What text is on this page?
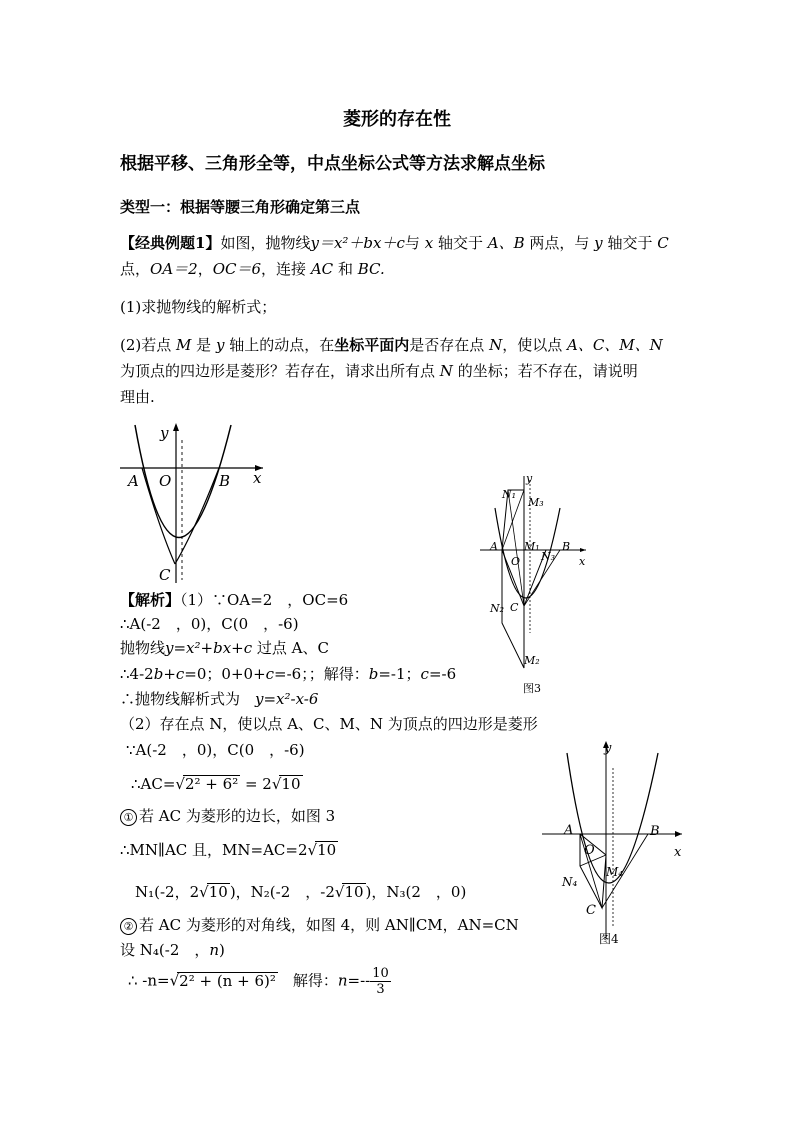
菱形的存在性
根据平移、三角形全等，中点坐标公式等方法求解点坐标
类型一：根据等腰三角形确定第三点
【经典例题1】如图，抛物线y＝x²＋bx＋c与 x 轴交于 A、B 两点，与 y 轴交于 C
点，OA＝2，OC＝6，连接 AC 和 BC.
(1)求抛物线的解析式；
(2)若点 M 是 y 轴上的动点，在坐标平面内是否存在点 N，使以点 A、C、M、N
为顶点的四边形是菱形？若存在，请求出所有点 N 的坐标；若不存在，请说明
理由.
y
x
A O	B
C
y
x
N₁
M₃
A M₁
N₃
B
O
N₂ C
M₂
图3
y
x
A
O
B
M₄
N₄
C
图4
【解析】（1）∵OA=2　，OC=6
∴A(-2　，0)，C(0　，-6)
抛物线y=x²+bx+c 过点 A、C
∴4-2b+c=0；0+0+c=-6；；解得：b=-1；c=-6
∴抛物线解析式为　y=x²-x-6
（2）存在点 N，使以点 A、C、M、N 为顶点的四边形是菱形
∵A(-2　，0)，C(0　，-6)
∴AC=√2² + 6² = 2√10
① 若 AC 为菱形的边长，如图 3
∴MN∥AC 且，MN=AC=2√10
N₁(-2，2√10 )，N₂(-2　，-2√10 )，N₃(2　，0)
② 若 AC 为菱形的对角线，如图 4，则 AN∥CM，AN=CN
设 N₄(-2　，n)
∴ -n=√2² + (n + 6)²　解得：$n=-- \frac{10}{3}$
